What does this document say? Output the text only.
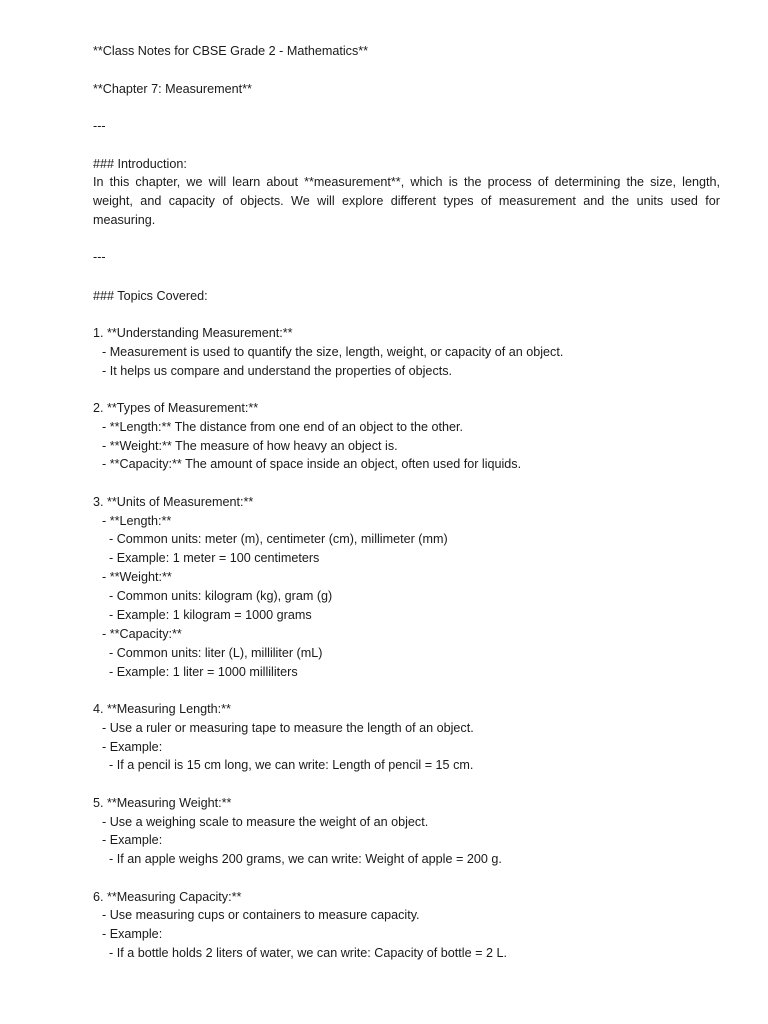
**Class Notes for CBSE Grade 2 - Mathematics**
**Chapter 7: Measurement**
---
### Introduction:

In this chapter, we will learn about **measurement**, which is the process of determining the size, length, weight, and capacity of objects. We will explore different types of measurement and the units used for measuring.

---
### Topics Covered:
1. **Understanding Measurement:**
- Measurement is used to quantify the size, length, weight, or capacity of an object.
- It helps us compare and understand the properties of objects.
2. **Types of Measurement:**
- **Length:** The distance from one end of an object to the other.
- **Weight:** The measure of how heavy an object is.
- **Capacity:** The amount of space inside an object, often used for liquids.
3. **Units of Measurement:**
- **Length:**
- Common units: meter (m), centimeter (cm), millimeter (mm)
- Example: 1 meter = 100 centimeters
- **Weight:**
- Common units: kilogram (kg), gram (g)
- Example: 1 kilogram = 1000 grams
- **Capacity:**
- Common units: liter (L), milliliter (mL)
- Example: 1 liter = 1000 milliliters
4. **Measuring Length:**
- Use a ruler or measuring tape to measure the length of an object.
- Example:
- If a pencil is 15 cm long, we can write: Length of pencil = 15 cm.
5. **Measuring Weight:**
- Use a weighing scale to measure the weight of an object.
- Example:
- If an apple weighs 200 grams, we can write: Weight of apple = 200 g.
6. **Measuring Capacity:**
- Use measuring cups or containers to measure capacity.
- Example:
- If a bottle holds 2 liters of water, we can write: Capacity of bottle = 2 L.
